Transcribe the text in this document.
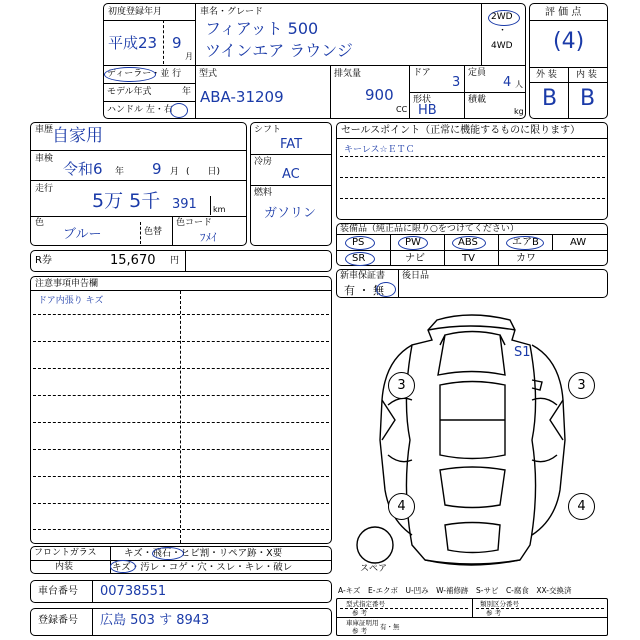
初度登録年月
平成23 9
月
車名・グレード
フィアット 500
ツインエア ラウンジ
2WD
・
4WD
ディーラー・並 行
モデル年式	年
ハンドル 左・右
型式
ABA-31209
排気量
900
CC
ドア
3
定員
4 人
形状
HB
積載
kg
評 価 点
(4)
外 装 内 装
B B
車歴
自家用
車検
令和6 年 9 月 (　　日)
走行
5万 5千 391 km
色
ブルー	色替
色コード
ﾌﾒｲ
シフト
FAT
冷房
AC
燃料
ガソリン
セールスポイント（正常に機能するものに限ります）
キーレス☆ＥＴＣ
装備品（純正品に限り○をつけてください）
PS	PW	ABS	エアB	AW
SR	ナビ	TV	カワ
新車保証書
有 ・ 無
後日品
R券	15,670 円
注意事項申告欄
ドア内張り キズ
S1
3	3
4	4
スペア
フロントガラス	キズ・飛石・ヒビ割・リペア跡・X要
内装	キズ・汚レ・コゲ・穴・スレ・キレ・破レ
車台番号 00738551
登録番号 広島 503 す 8943
A-キズ　E-エクボ　U-凹み　W-補修跡　S-サビ　C-腐食　XX-交換済
型式指定番号
参 考
類別区分番号
参 考
車庫証明用
参 考 有・無
